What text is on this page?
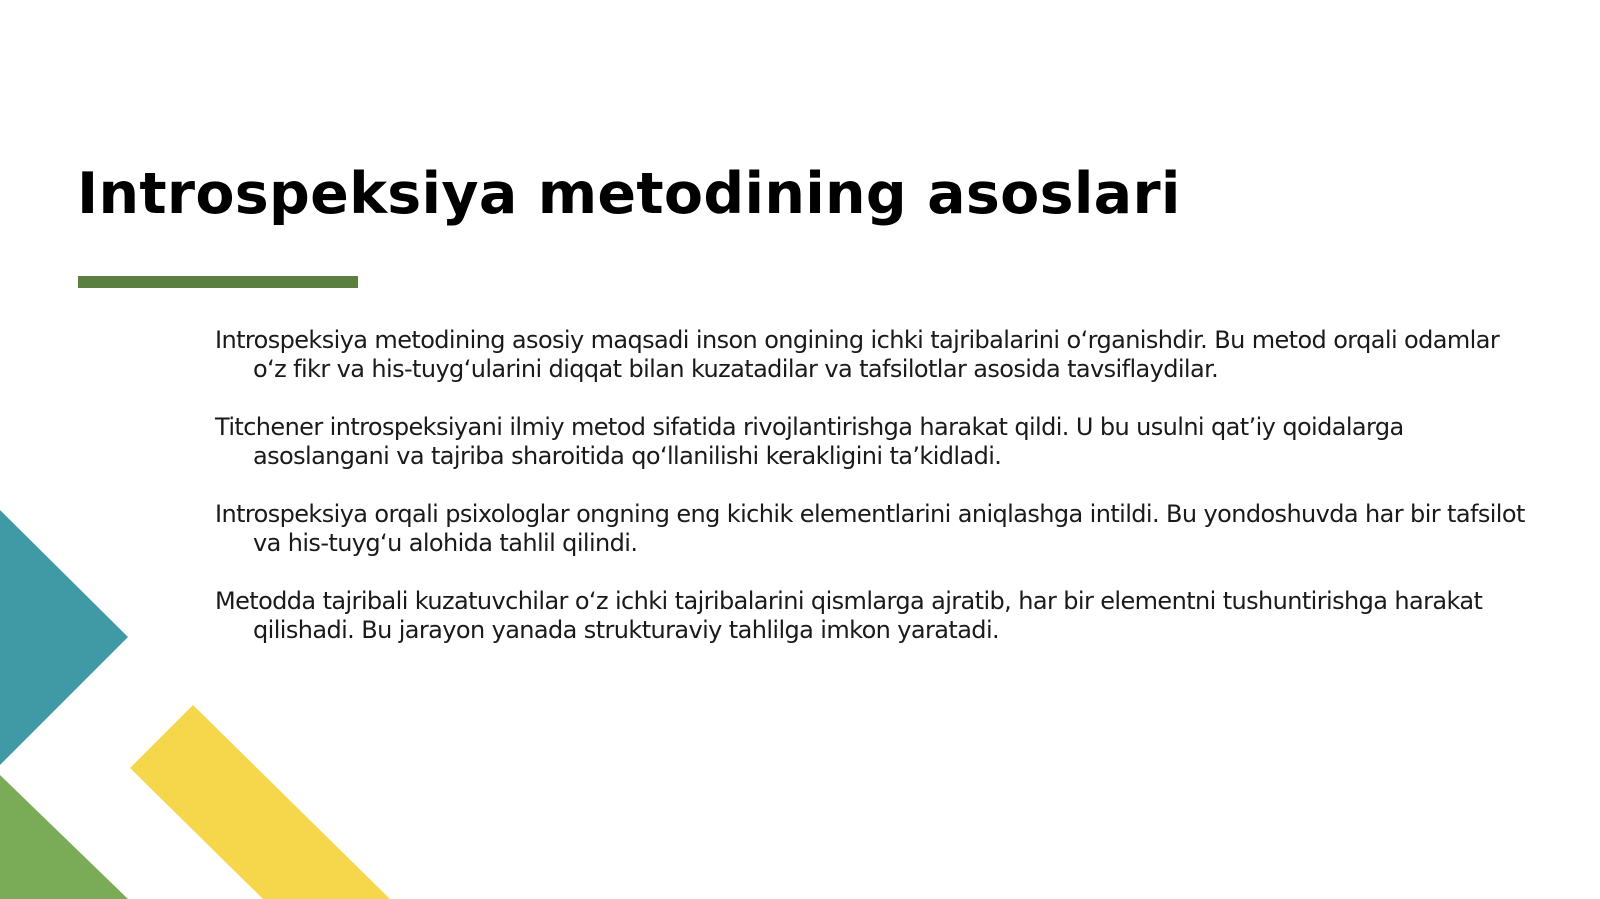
Introspeksiya metodining asoslari
Introspeksiya metodining asosiy maqsadi inson ongining ichki tajribalarini o‘rganishdir. Bu metod orqali odamlar o‘z fikr va his-tuyg‘ularini diqqat bilan kuzatadilar va tafsilotlar asosida tavsiflaydilar.
Titchener introspeksiyani ilmiy metod sifatida rivojlantirishga harakat qildi. U bu usulni qat’iy qoidalarga asoslangani va tajriba sharoitida qo‘llanilishi kerakligini ta’kidladi.
Introspeksiya orqali psixologlar ongning eng kichik elementlarini aniqlashga intildi. Bu yondoshuvda har bir tafsilot va his-tuyg‘u alohida tahlil qilindi.
Metodda tajribali kuzatuvchilar o‘z ichki tajribalarini qismlarga ajratib, har bir elementni tushuntirishga harakat qilishadi. Bu jarayon yanada strukturaviy tahlilga imkon yaratadi.
